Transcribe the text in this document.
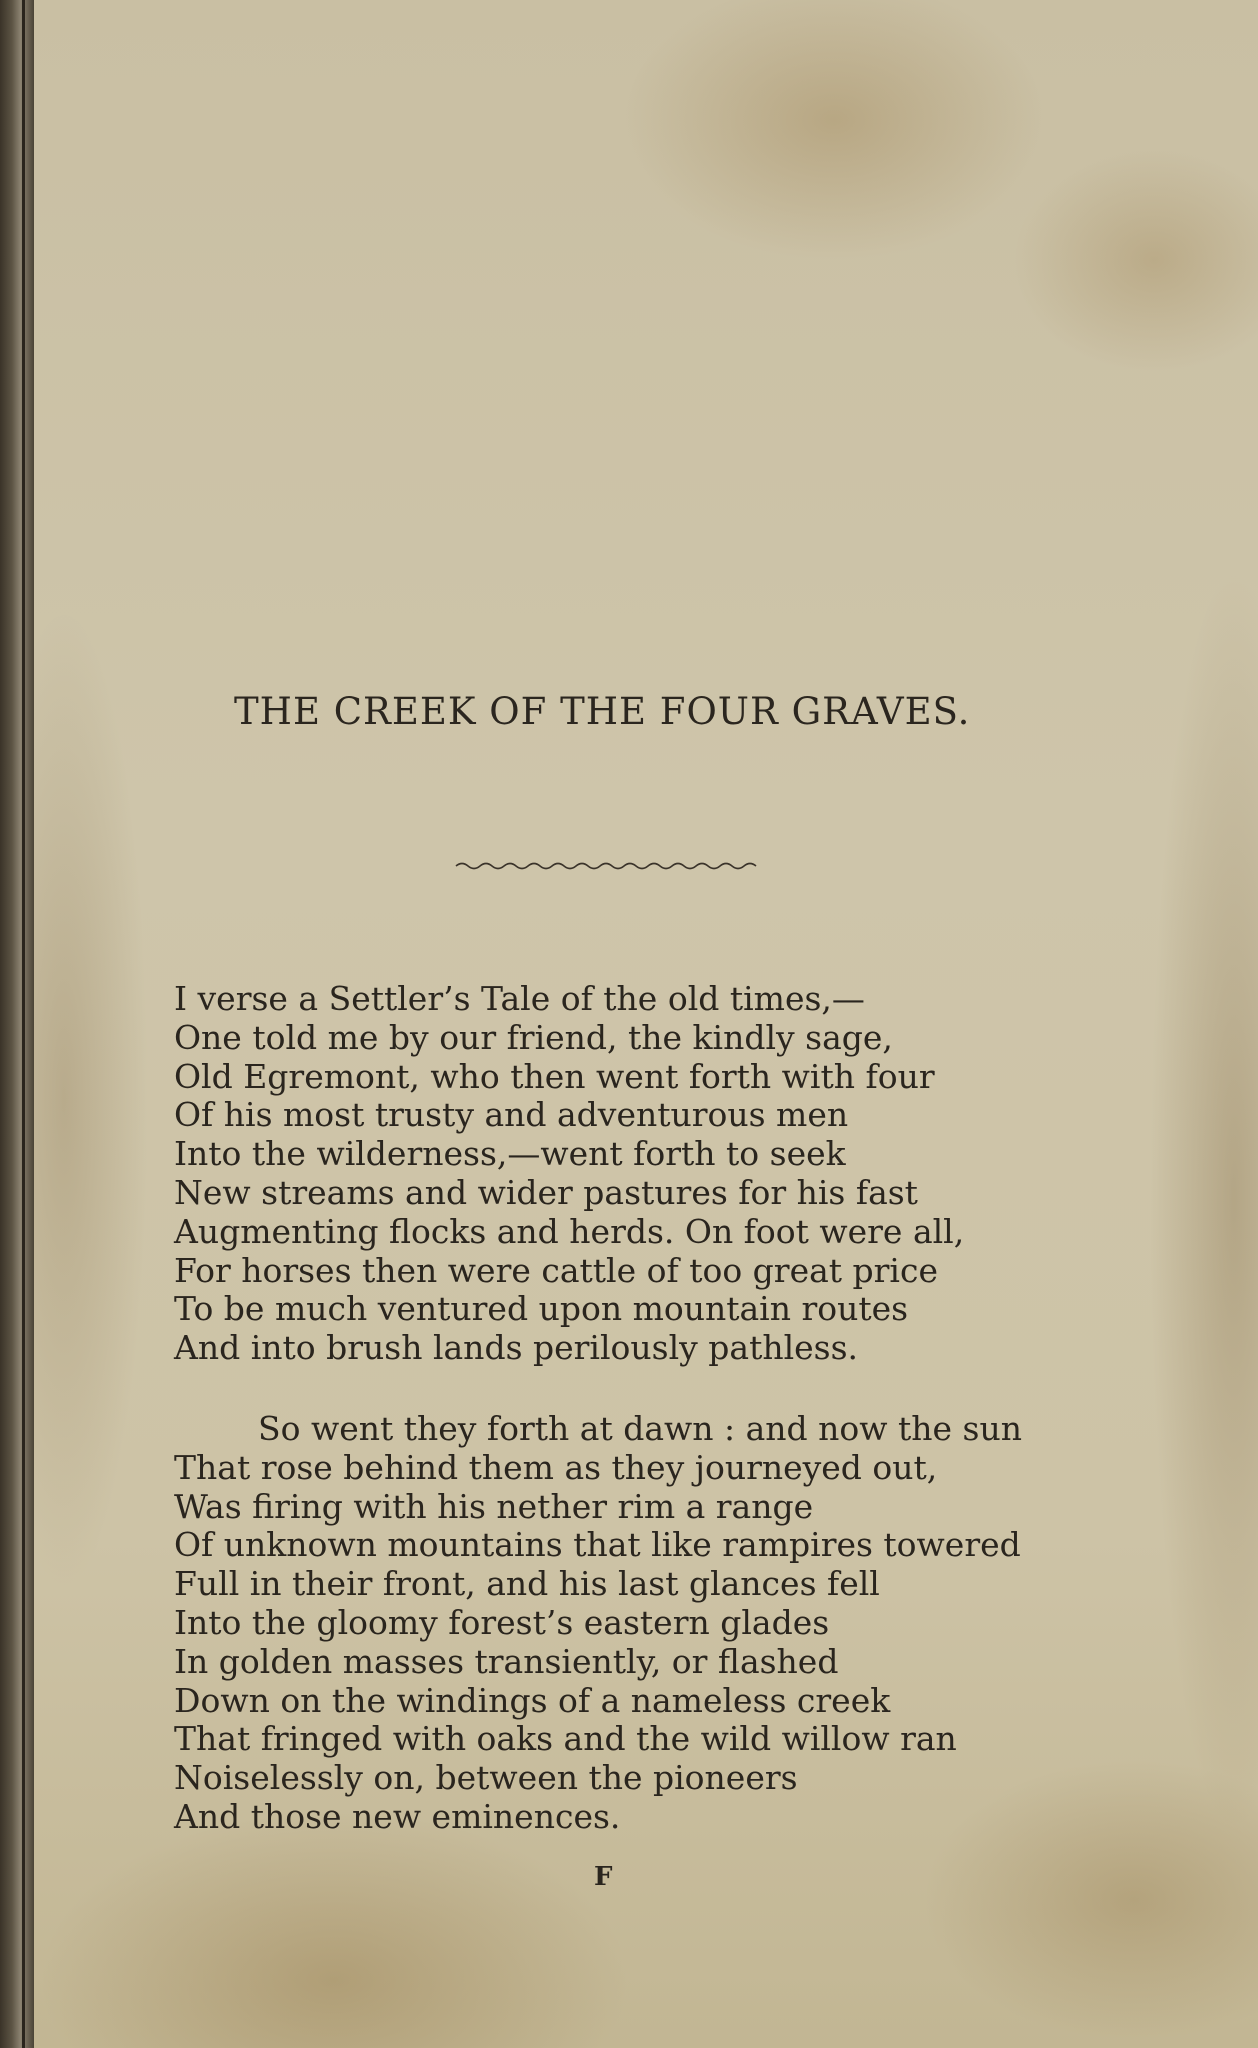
THE CREEK OF THE FOUR GRAVES.
I verse a Settler’s Tale of the old times,—
One told me by our friend, the kindly sage,
Old Egremont, who then went forth with four
Of his most trusty and adventurous men
Into the wilderness,—went forth to seek
New streams and wider pastures for his fast
Augmenting flocks and herds. On foot were all,
For horses then were cattle of too great price
To be much ventured upon mountain routes
And into brush lands perilously pathless.
So went they forth at dawn : and now the sun
That rose behind them as they journeyed out,
Was firing with his nether rim a range
Of unknown mountains that like rampires towered
Full in their front, and his last glances fell
Into the gloomy forest’s eastern glades
In golden masses transiently, or flashed
Down on the windings of a nameless creek
That fringed with oaks and the wild willow ran
Noiselessly on, between the pioneers
And those new eminences.
F
